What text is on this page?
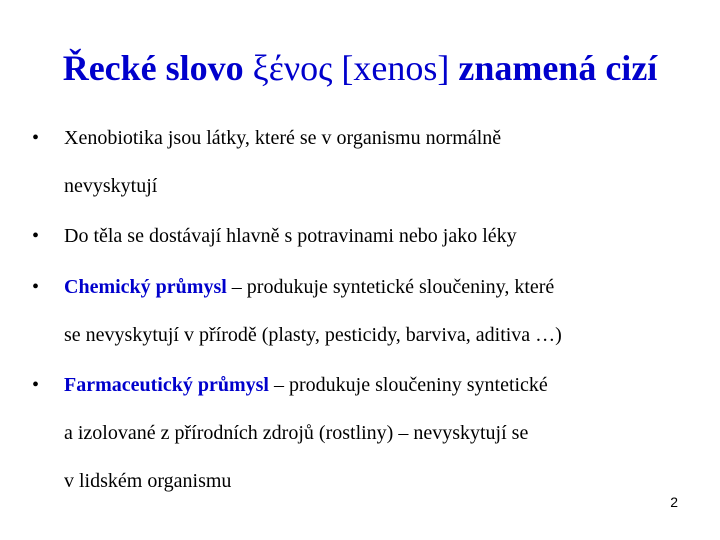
Řecké slovo ξένος [xenos] znamená cizí
•	Xenobiotika jsou látky, které se v organismu normálně
nevyskytují
•	Do těla se dostávají hlavně s potravinami nebo jako léky
•	Chemický průmysl – produkuje syntetické sloučeniny, které
se nevyskytují v přírodě (plasty, pesticidy, barviva, aditiva …)
•	Farmaceutický průmysl – produkuje sloučeniny syntetické
a izolované z přírodních zdrojů (rostliny) – nevyskytují se
v lidském organismu
2
